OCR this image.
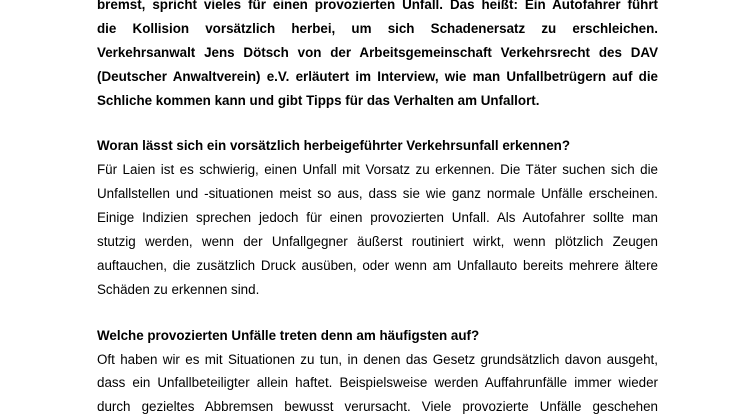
bremst, spricht vieles für einen provozierten Unfall. Das heißt: Ein Autofahrer führt
die Kollision vorsätzlich herbei, um sich Schadenersatz zu erschleichen.
Verkehrsanwalt Jens Dötsch von der Arbeitsgemeinschaft Verkehrsrecht des DAV
(Deutscher Anwaltverein) e.V. erläutert im Interview, wie man Unfallbetrügern auf die
Schliche kommen kann und gibt Tipps für das Verhalten am Unfallort.
Woran lässt sich ein vorsätzlich herbeigeführter Verkehrsunfall erkennen?
Für Laien ist es schwierig, einen Unfall mit Vorsatz zu erkennen. Die Täter suchen sich die
Unfallstellen und -situationen meist so aus, dass sie wie ganz normale Unfälle erscheinen.
Einige Indizien sprechen jedoch für einen provozierten Unfall. Als Autofahrer sollte man
stutzig werden, wenn der Unfallgegner äußerst routiniert wirkt, wenn plötzlich Zeugen
auftauchen, die zusätzlich Druck ausüben, oder wenn am Unfallauto bereits mehrere ältere
Schäden zu erkennen sind.
Welche provozierten Unfälle treten denn am häufigsten auf?
Oft haben wir es mit Situationen zu tun, in denen das Gesetz grundsätzlich davon ausgeht,
dass ein Unfallbeteiligter allein haftet. Beispielsweise werden Auffahrunfälle immer wieder
durch gezieltes Abbremsen bewusst verursacht. Viele provozierte Unfälle geschehen
